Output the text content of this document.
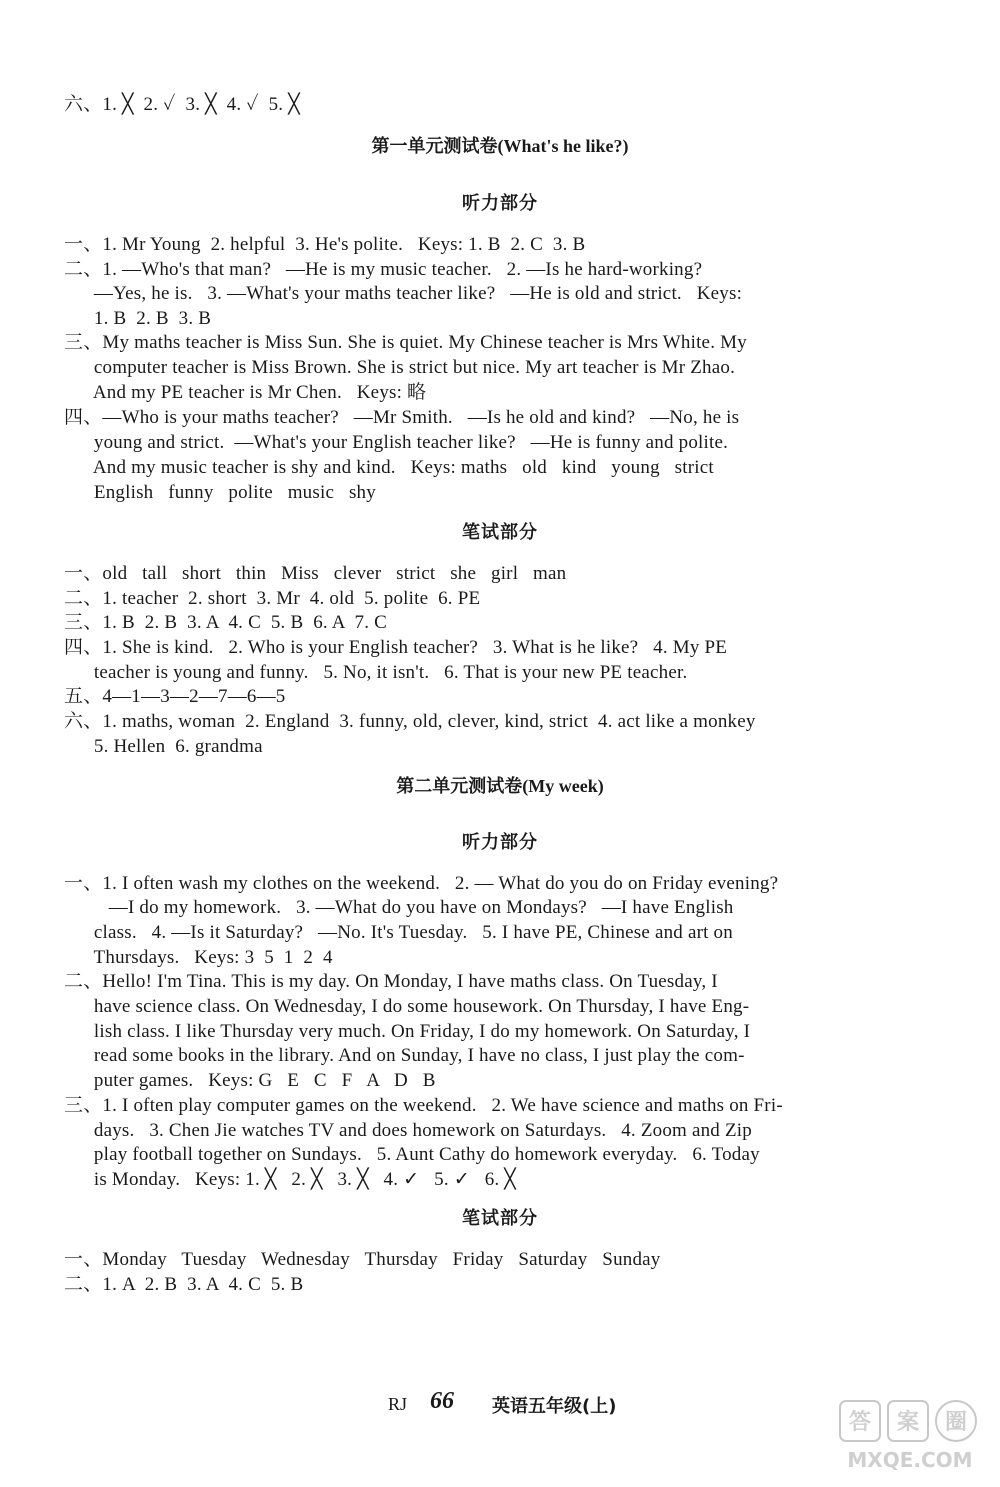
六、1. ╳  2. ✓  3. ╳  4. ✓  5. ╳
第一单元测试卷(What's he like?)
听力部分
一、1. Mr Young  2. helpful  3. He's polite.   Keys: 1. B  2. C  3. B
二、1. —Who's that man?   —He is my music teacher.   2. —Is he hard-working?
—Yes, he is.   3. —What's your maths teacher like?   —He is old and strict.   Keys:
1. B  2. B  3. B
三、My maths teacher is Miss Sun. She is quiet. My Chinese teacher is Mrs White. My
computer teacher is Miss Brown. She is strict but nice. My art teacher is Mr Zhao.
And my PE teacher is Mr Chen.   Keys: 略
四、—Who is your maths teacher?   —Mr Smith.   —Is he old and kind?   —No, he is
young and strict.  —What's your English teacher like?   —He is funny and polite.
And my music teacher is shy and kind.   Keys: maths   old   kind   young   strict
English   funny   polite   music   shy
笔试部分
一、old   tall   short   thin   Miss   clever   strict   she   girl   man
二、1. teacher  2. short  3. Mr  4. old  5. polite  6. PE
三、1. B  2. B  3. A  4. C  5. B  6. A  7. C
四、1. She is kind.   2. Who is your English teacher?   3. What is he like?   4. My PE
teacher is young and funny.   5. No, it isn't.   6. That is your new PE teacher.
五、4—1—3—2—7—6—5
六、1. maths, woman  2. England  3. funny, old, clever, kind, strict  4. act like a monkey
5. Hellen  6. grandma
第二单元测试卷(My week)
听力部分
一、1. I often wash my clothes on the weekend.   2. — What do you do on Friday evening?
—I do my homework.   3. —What do you have on Mondays?   —I have English
class.   4. —Is it Saturday?   —No. It's Tuesday.   5. I have PE, Chinese and art on
Thursdays.   Keys: 3  5  1  2  4
二、Hello! I'm Tina. This is my day. On Monday, I have maths class. On Tuesday, I
have science class. On Wednesday, I do some housework. On Thursday, I have Eng-
lish class. I like Thursday very much. On Friday, I do my homework. On Saturday, I
read some books in the library. And on Sunday, I have no class, I just play the com-
puter games.   Keys: G   E   C   F   A   D   B
三、1. I often play computer games on the weekend.   2. We have science and maths on Fri-
days.   3. Chen Jie watches TV and does homework on Saturdays.   4. Zoom and Zip
play football together on Sundays.   5. Aunt Cathy do homework everyday.   6. Today
is Monday.   Keys: 1. ╳   2. ╳   3. ╳   4. ✓   5. ✓   6. ╳
笔试部分
一、Monday   Tuesday   Wednesday   Thursday   Friday   Saturday   Sunday
二、1. A  2. B  3. A  4. C  5. B
RJ 66 英语五年级(上)
答 案 圈
MXQE.COM
